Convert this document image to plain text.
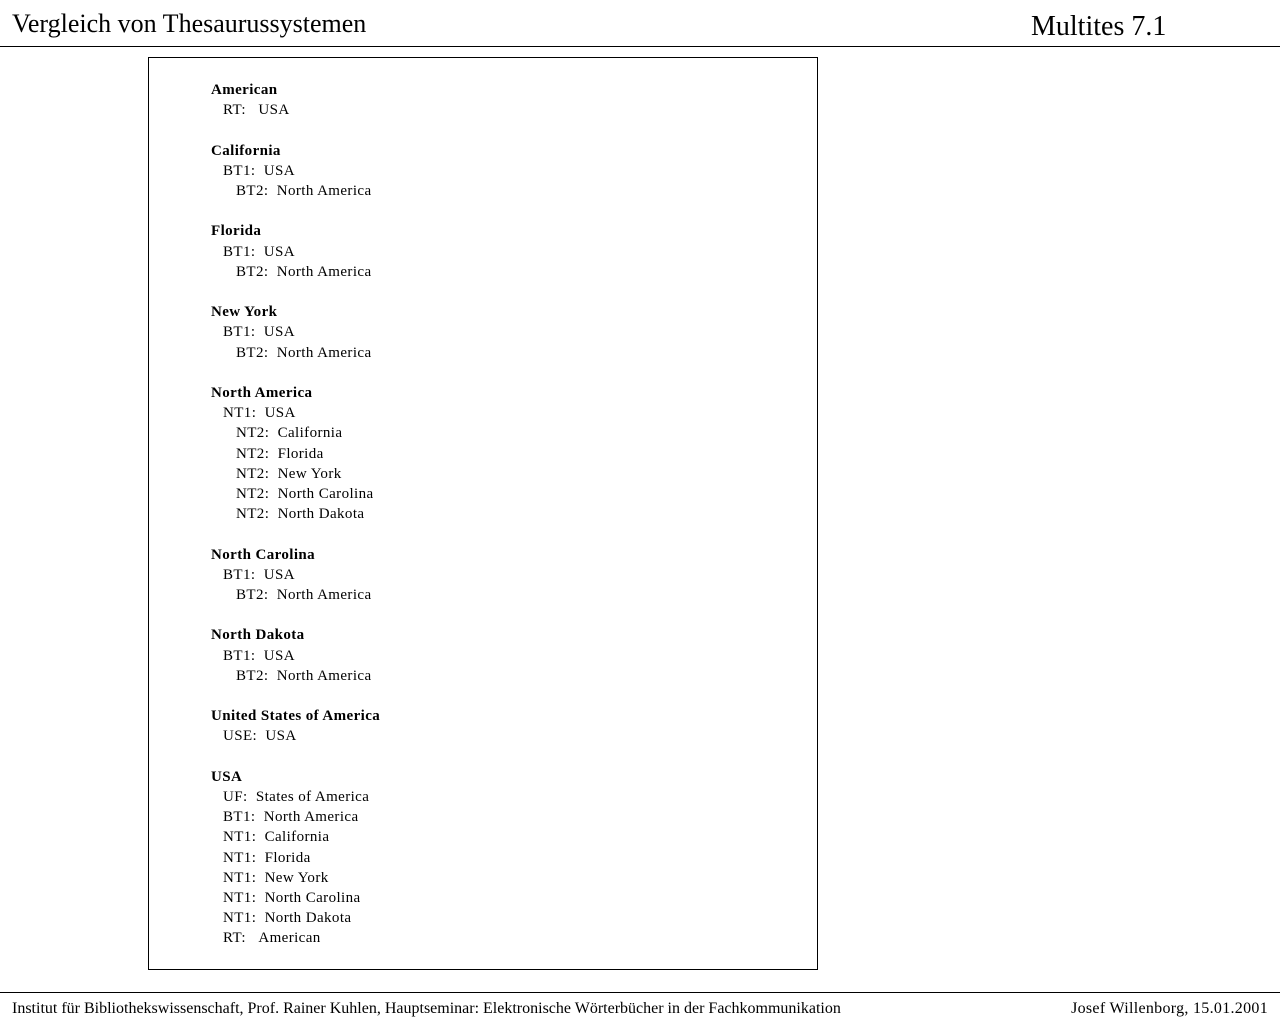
Vergleich von Thesaurussystemen	Multites 7.1
American
RT: USA
California
BT1: USA
BT2: North America
Florida
BT1: USA
BT2: North America
New York
BT1: USA
BT2: North America
North America
NT1: USA
NT2: California
NT2: Florida
NT2: New York
NT2: North Carolina
NT2: North Dakota
North Carolina
BT1: USA
BT2: North America
North Dakota
BT1: USA
BT2: North America
United States of America
USE: USA
USA
UF: States of America
BT1: North America
NT1: California
NT1: Florida
NT1: New York
NT1: North Carolina
NT1: North Dakota
RT: American
Institut für Bibliothekswissenschaft, Prof. Rainer Kuhlen, Hauptseminar: Elektronische Wörterbücher in der Fachkommunikation	Josef Willenborg, 15.01.2001
